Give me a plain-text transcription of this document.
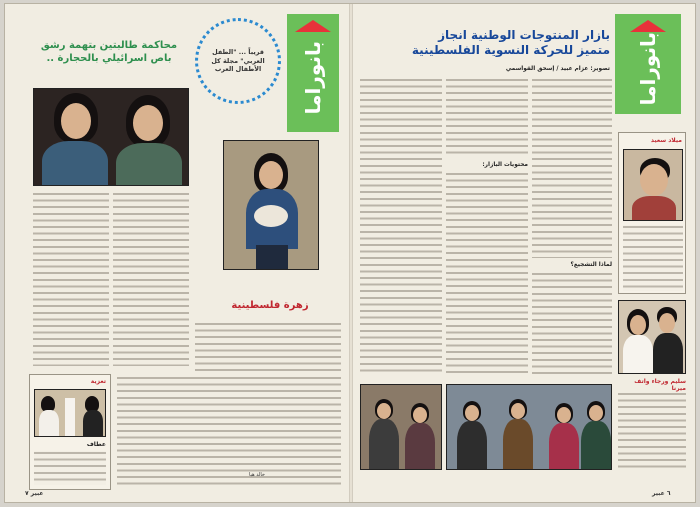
بانوراما
قريباً ... "الطفل العربي" مجلة كل الأطفال العرب
محاكمة طالبتين بتهمة رشق
باص اسرائيلي بالحجارة ..
زهرة فلسطينية
خالد هبا
تعزية
عطاف
عبير ٧
بانوراما
بازار المنتوجات الوطنية انجاز
متميز للحركة النسوية الفلسطينية
تصوير: عزام عبيد / إسحق القواسمي
محتويات البازار:
لماذا التشجيع؟
ميلاد سعيد
سليم ورجاء واتف ميرنا
٦ عبير
